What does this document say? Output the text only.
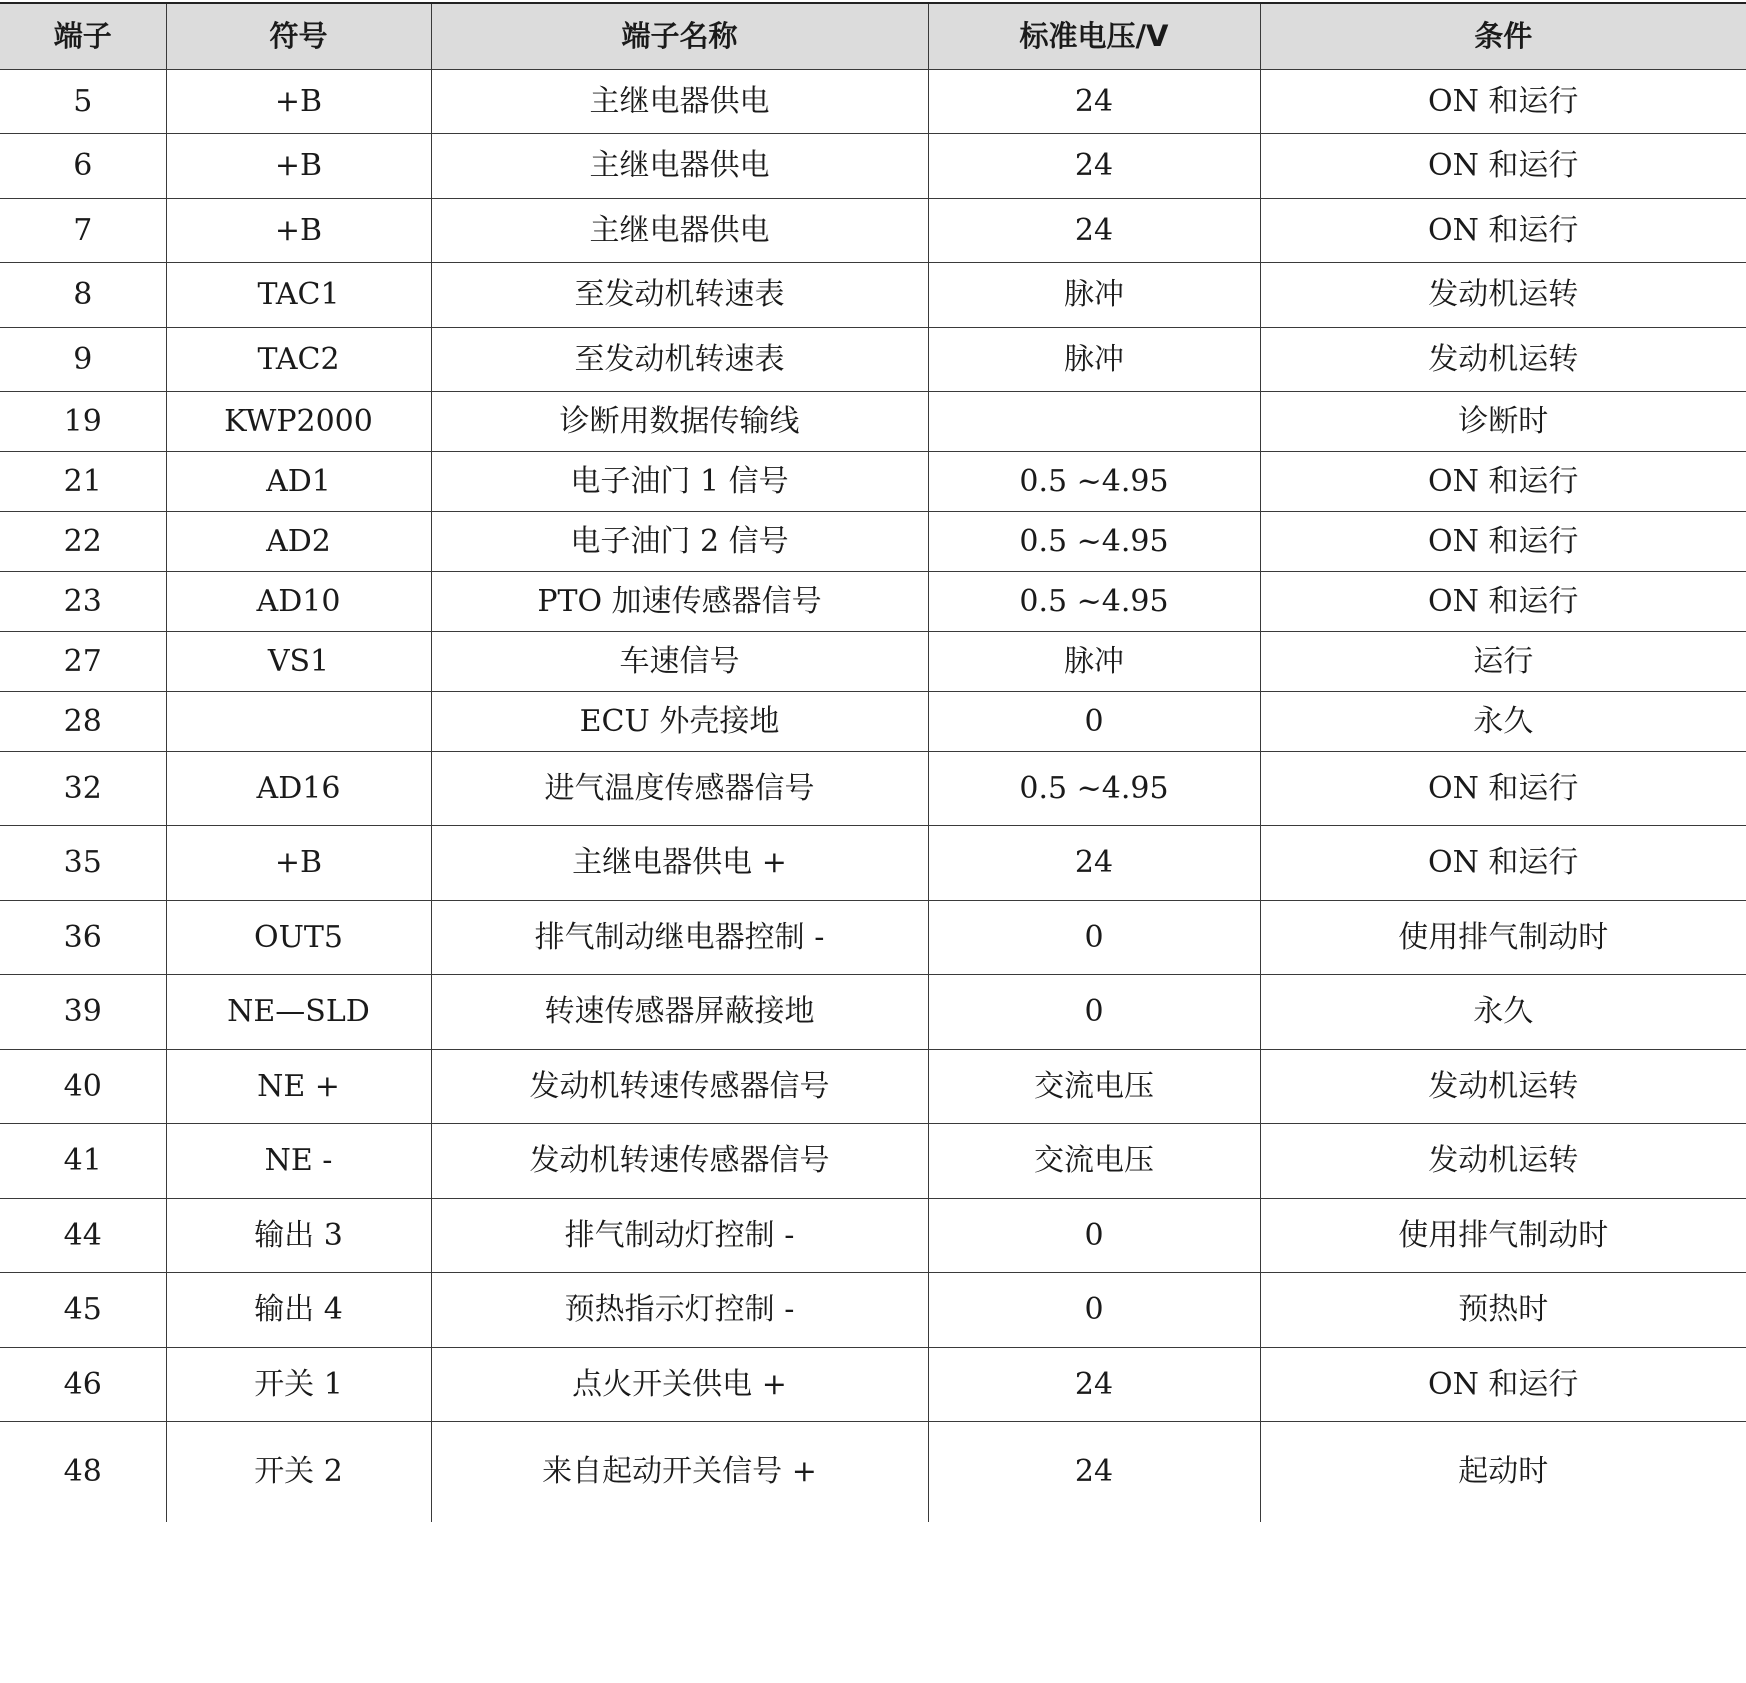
端子	符号	端子名称	标准电压/V	条件
5	+B	主继电器供电	24	ON 和运行
6	+B	主继电器供电	24	ON 和运行
7	+B	主继电器供电	24	ON 和运行
8	TAC1	至发动机转速表	脉冲	发动机运转
9	TAC2	至发动机转速表	脉冲	发动机运转
19	KWP2000	诊断用数据传输线		诊断时
21	AD1	电子油门 1 信号	0.5 ~4.95	ON 和运行
22	AD2	电子油门 2 信号	0.5 ~4.95	ON 和运行
23	AD10	PTO 加速传感器信号	0.5 ~4.95	ON 和运行
27	VS1	车速信号	脉冲	运行
28		ECU 外壳接地	0	永久
32	AD16	进气温度传感器信号	0.5 ~4.95	ON 和运行
35	+B	主继电器供电 +	24	ON 和运行
36	OUT5	排气制动继电器控制 -	0	使用排气制动时
39	NE—SLD	转速传感器屏蔽接地	0	永久
40	NE +	发动机转速传感器信号	交流电压	发动机运转
41	NE -	发动机转速传感器信号	交流电压	发动机运转
44	输出 3	排气制动灯控制 -	0	使用排气制动时
45	输出 4	预热指示灯控制 -	0	预热时
46	开关 1	点火开关供电 +	24	ON 和运行
48	开关 2	来自起动开关信号 +	24	起动时
